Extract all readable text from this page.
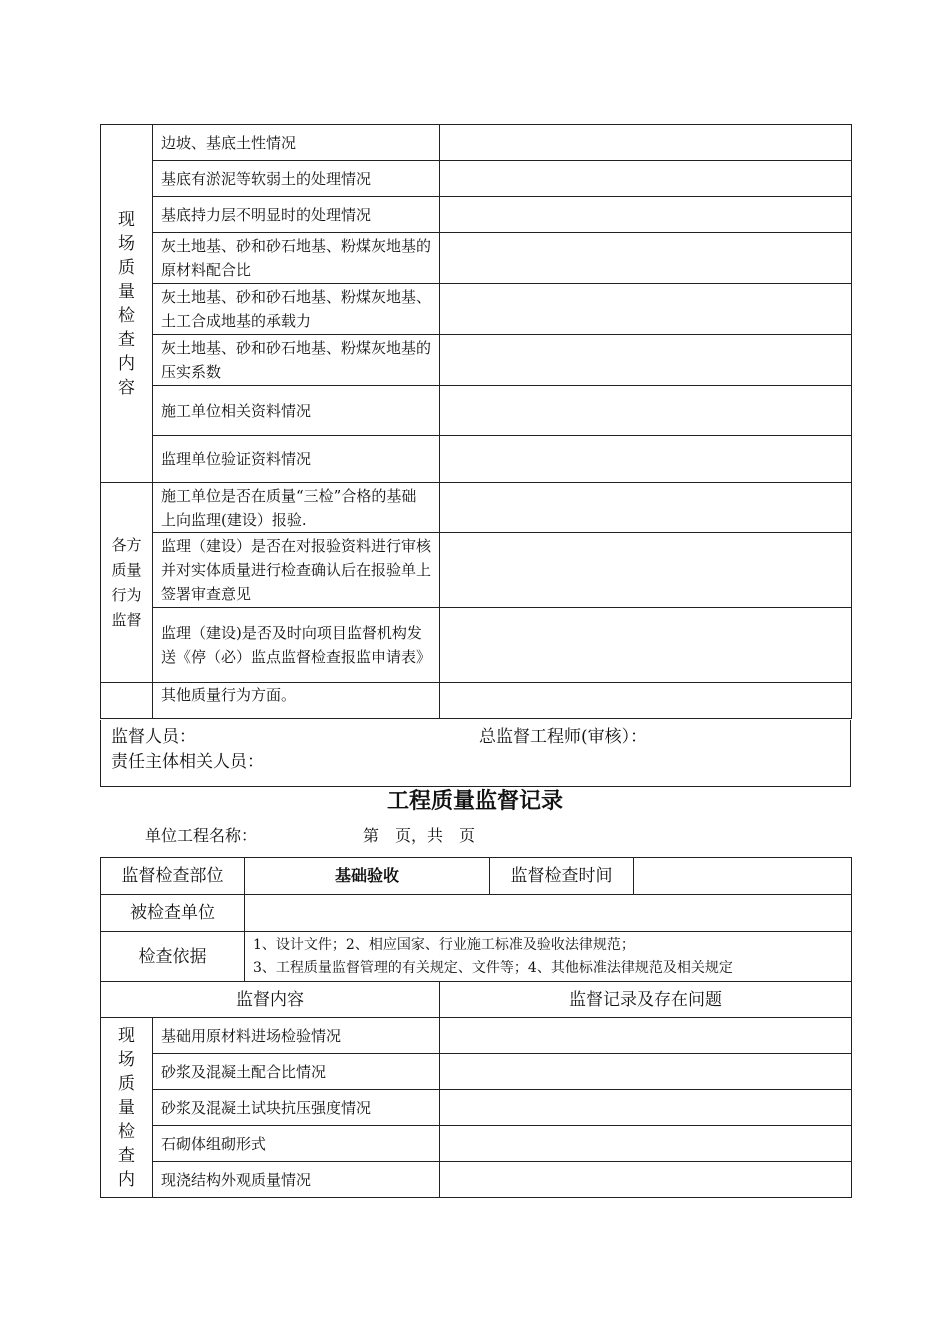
现场质量检查内容	边坡、基底土性情况	
	基底有淤泥等软弱土的处理情况	
	基底持力层不明显时的处理情况	
	灰土地基、砂和砂石地基、粉煤灰地基的原材料配合比	
	灰土地基、砂和砂石地基、粉煤灰地基、土工合成地基的承载力	
	灰土地基、砂和砂石地基、粉煤灰地基的压实系数	
	施工单位相关资料情况	
	监理单位验证资料情况	

各方质量行为监督	施工单位是否在质量“三检”合格的基础上向监理(建设）报验.	
	监理（建设）是否在对报验资料进行审核并对实体质量进行检查确认后在报验单上签署审查意见	
	监理（建设)是否及时向项目监督机构发送《停（必）监点监督检查报监申请表》	
	其他质量行为方面。	
监督人员：	总监督工程师(审核）：
责任主体相关人员：
工程质量监督记录
单位工程名称：	第　页，共　页
监督检查部位		基础验收		监督检查时间	
被检查单位					
检查依据		1、设计文件；2、相应国家、行业施工标准及验收法律规范；
3、工程质量监督管理的有关规定、文件等；4、其他标准法律规范及相关规定			

监督内容			监督记录及存在问题		

现场质量检查内	基础用原材料进场检验情况				
	砂浆及混凝土配合比情况				
	砂浆及混凝土试块抗压强度情况				
	石砌体组砌形式				
	现浇结构外观质量情况				
